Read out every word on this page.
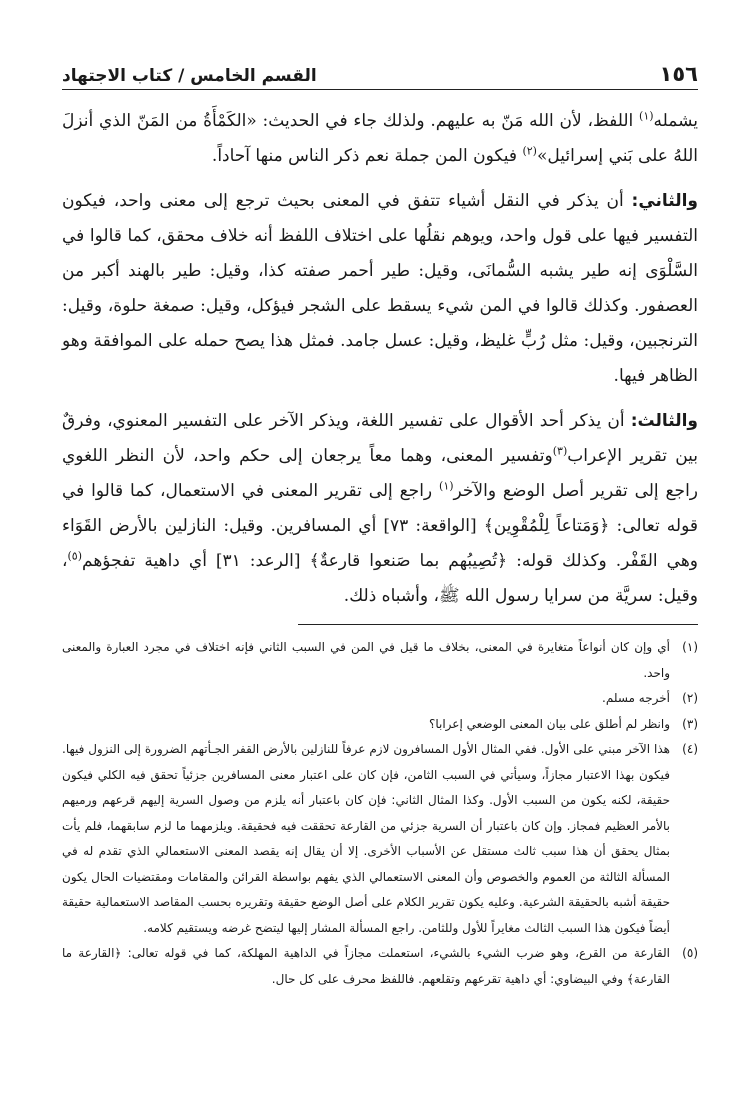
١٥٦
القسم الخامس / كتاب الاجتهاد

يشمله$^{(١)}$ اللفظ، لأن الله مَنّ به عليهم. ولذلك جاء في الحديث: «الكَمْأَةُ من المَنّ الذي أنزلَ اللهُ على بَني إسرائيل»$^{(٢)}$ فيكون المن جملة نعم ذكر الناس منها آحاداً.

والثاني: أن يذكر في النقل أشياء تتفق في المعنى بحيث ترجع إلى معنى واحد، فيكون التفسير فيها على قول واحد، ويوهم نقلُها على اختلاف اللفظ أنه خلاف محقق، كما قالوا في السَّلْوَى إنه طير يشبه السُّمانَى، وقيل: طير أحمر صفته كذا، وقيل: طير بالهند أكبر من العصفور. وكذلك قالوا في المن شيء يسقط على الشجر فيؤكل، وقيل: صمغة حلوة، وقيل: الترنجبين، وقيل: مثل رُبٍّ غليظ، وقيل: عسل جامد. فمثل هذا يصح حمله على الموافقة وهو الظاهر فيها.

والثالث: أن يذكر أحد الأقوال على تفسير اللغة، ويذكر الآخر على التفسير المعنوي، وفرقٌ بين تقرير الإعراب$^{(٣)}$وتفسير المعنى، وهما معاً يرجعان إلى حكم واحد، لأن النظر اللغوي راجع إلى تقرير أصل الوضع والآخر$^{(١)}$ راجع إلى تقرير المعنى في الاستعمال، كما قالوا في قوله تعالى: ﴿وَمَتاعاً لِلْمُقْوِين﴾ [الواقعة: ٧٣] أي المسافرين. وقيل: النازلين بالأرض القَوَاء وهي القَفْر. وكذلك قوله: ﴿تُصِيبُهم بما صَنعوا قارعةٌ﴾ [الرعد: ٣١] أي داهية تفجؤهم$^{(٥)}$، وقيل: سريَّة من سرايا رسول الله ﷺ، وأشباه ذلك.

(١)
أي وإن كان أنواعاً متغايرة في المعنى، بخلاف ما قيل في المن في السبب الثاني فإنه اختلاف في مجرد العبارة والمعنى واحد.
(٢)
أخرجه مسلم.
(٣)
وانظر لم أطلق على بيان المعنى الوضعي إعرابا؟
(٤)
هذا الآخر مبني على الأول. ففي المثال الأول المسافرون لازم عرفاً للنازلين بالأرض القفر الجـأتهم الضرورة إلى النزول فيها. فيكون بهذا الاعتبار مجازاً، وسيأتي في السبب الثامن، فإن كان على اعتبار معنى المسافرين جزئياً تحقق فيه الكلي فيكون حقيقة، لكنه يكون من السبب الأول. وكذا المثال الثاني: فإن كان باعتبار أنه يلزم من وصول السرية إليهم قرعهم ورميهم بالأمر العظيم فمجاز. وإن كان باعتبار أن السرية جزئي من القارعة تحققت فيه فحقيقة. ويلزمهما ما لزم سابقهما، فلم يأت بمثال يحقق أن هذا سبب ثالث مستقل عن الأسباب الأخرى. إلا أن يقال إنه يقصد المعنى الاستعمالي الذي تقدم له في المسألة الثالثة من العموم والخصوص وأن المعنى الاستعمالي الذي يفهم بواسطة القرائن والمقامات ومقتضيات الحال يكون حقيقة أشبه بالحقيقة الشرعية. وعليه يكون تقرير الكلام على أصل الوضع حقيقة وتقريره بحسب المقاصد الاستعمالية حقيقة أيضاً فيكون هذا السبب الثالث مغايراً للأول وللثامن. راجع المسألة المشار إليها ليتضح غرضه ويستقيم كلامه.
(٥)
القارعة من القرع، وهو ضرب الشيء بالشيء، استعملت مجازاً في الداهية المهلكة، كما في قوله تعالى: ﴿القارعة ما القارعة﴾ وفي البيضاوي: أي داهية تقرعهم وتقلعهم. فاللفظ محرف على كل حال.
